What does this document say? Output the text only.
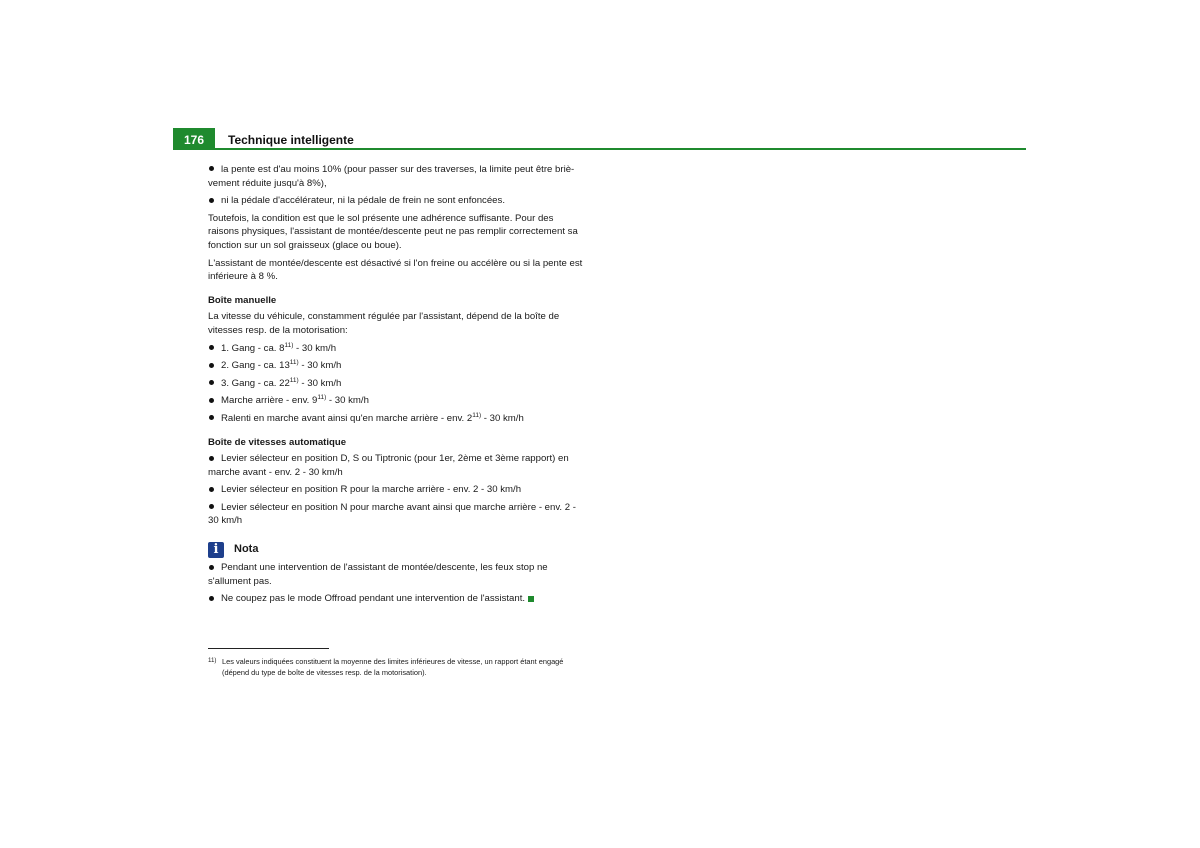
176	Technique intelligente
la pente est d'au moins 10% (pour passer sur des traverses, la limite peut être briè-vement réduite jusqu'à 8%),
ni la pédale d'accélérateur, ni la pédale de frein ne sont enfoncées.

Toutefois, la condition est que le sol présente une adhérence suffisante. Pour des raisons physiques, l'assistant de montée/descente peut ne pas remplir correctement sa fonction sur un sol graisseux (glace ou boue).

L'assistant de montée/descente est désactivé si l'on freine ou accélère ou si la pente est inférieure à 8 %.

Boîte manuelle

La vitesse du véhicule, constamment régulée par l'assistant, dépend de la boîte de vitesses resp. de la motorisation:

1. Gang - ca. 8$^{11)}$ - 30 km/h
2. Gang - ca. 13$^{11)}$ - 30 km/h
3. Gang - ca. 22$^{11)}$ - 30 km/h
Marche arrière - env. 9$^{11)}$ - 30 km/h
Ralenti en marche avant ainsi qu'en marche arrière - env. 2$^{11)}$ - 30 km/h
Boîte de vitesses automatique
Levier sélecteur en position D, S ou Tiptronic (pour 1er, 2ème et 3ème rapport) en marche avant - env. 2 - 30 km/h
Levier sélecteur en position R pour la marche arrière - env. 2 - 30 km/h
Levier sélecteur en position N pour marche avant ainsi que marche arrière - env. 2 - 30 km/h
i	Nota
Pendant une intervention de l'assistant de montée/descente, les feux stop ne s'allument pas.
Ne coupez pas le mode Offroad pendant une intervention de l'assistant.
11) Les valeurs indiquées constituent la moyenne des limites inférieures de vitesse, un rapport étant engagé (dépend du type de boîte de vitesses resp. de la motorisation).
